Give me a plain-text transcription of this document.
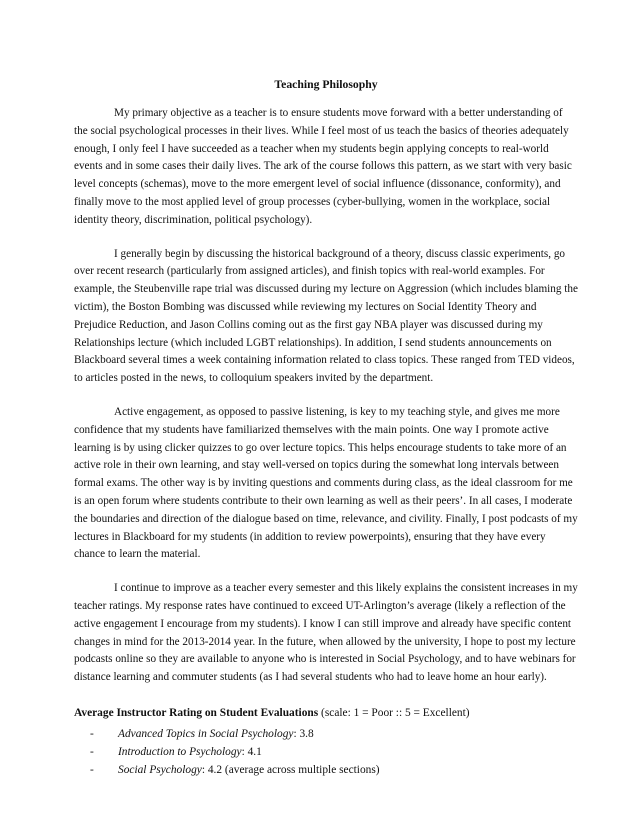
Teaching Philosophy

My primary objective as a teacher is to ensure students move forward with a better understanding of the social psychological processes in their lives. While I feel most of us teach the basics of theories adequately enough, I only feel I have succeeded as a teacher when my students begin applying concepts to real-world events and in some cases their daily lives. The ark of the course follows this pattern, as we start with very basic level concepts (schemas), move to the more emergent level of social influence (dissonance, conformity), and finally move to the most applied level of group processes (cyber-bullying, women in the workplace, social identity theory, discrimination, political psychology).

I generally begin by discussing the historical background of a theory, discuss classic experiments, go over recent research (particularly from assigned articles), and finish topics with real-world examples. For example, the Steubenville rape trial was discussed during my lecture on Aggression (which includes blaming the victim), the Boston Bombing was discussed while reviewing my lectures on Social Identity Theory and Prejudice Reduction, and Jason Collins coming out as the first gay NBA player was discussed during my Relationships lecture (which included LGBT relationships). In addition, I send students announcements on Blackboard several times a week containing information related to class topics. These ranged from TED videos, to articles posted in the news, to colloquium speakers invited by the department.

Active engagement, as opposed to passive listening, is key to my teaching style, and gives me more confidence that my students have familiarized themselves with the main points. One way I promote active learning is by using clicker quizzes to go over lecture topics. This helps encourage students to take more of an active role in their own learning, and stay well-versed on topics during the somewhat long intervals between formal exams. The other way is by inviting questions and comments during class, as the ideal classroom for me is an open forum where students contribute to their own learning as well as their peers’. In all cases, I moderate the boundaries and direction of the dialogue based on time, relevance, and civility. Finally, I post podcasts of my lectures in Blackboard for my students (in addition to review powerpoints), ensuring that they have every chance to learn the material.

I continue to improve as a teacher every semester and this likely explains the consistent increases in my teacher ratings. My response rates have continued to exceed UT-Arlington’s average (likely a reflection of the active engagement I encourage from my students). I know I can still improve and already have specific content changes in mind for the 2013-2014 year. In the future, when allowed by the university, I hope to post my lecture podcasts online so they are available to anyone who is interested in Social Psychology, and to have webinars for distance learning and commuter students (as I had several students who had to leave home an hour early).

Average Instructor Rating on Student Evaluations (scale: 1 = Poor :: 5 = Excellent)
- Advanced Topics in Social Psychology: 3.8
- Introduction to Psychology: 4.1
- Social Psychology: 4.2 (average across multiple sections)
